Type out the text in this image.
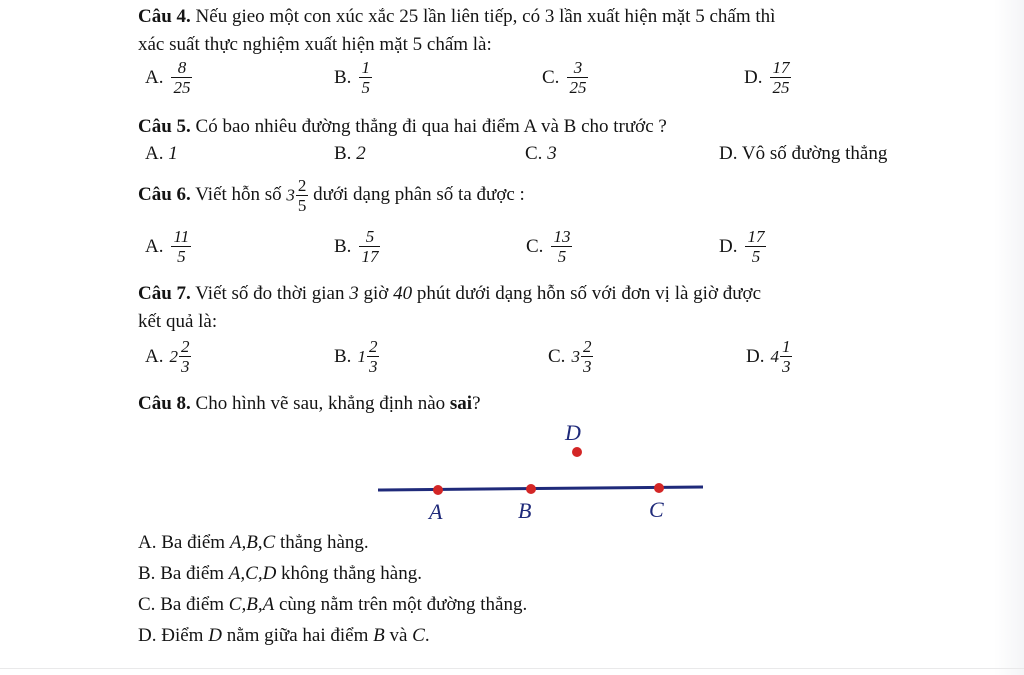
Câu 4. Nếu gieo một con xúc xắc 25 lần liên tiếp, có 3 lần xuất hiện mặt 5 chấm thì
xác suất thực nghiệm xuất hiện mặt 5 chấm là:
A. $\frac{8}{25}$	B. $\frac{1}{5}$	C. $\frac{3}{25}$	D. $\frac{17}{25}$
Câu 5. Có bao nhiêu đường thẳng đi qua hai điểm A và B cho trước ?
A. 1	B. 2	C. 3	D. Vô số đường thẳng
Câu 6. Viết hỗn số $3 \frac{2}{5}$ dưới dạng phân số ta được :
A. $\frac{11}{5}$	B. $\frac{5}{17}$	C. $\frac{13}{5}$	D. $\frac{17}{5}$
Câu 7. Viết số đo thời gian 3 giờ 40 phút dưới dạng hỗn số với đơn vị là giờ được
kết quả là:
A. $2 \frac{2}{3}$	B. $1 \frac{2}{3}$	C. $3 \frac{2}{3}$	D. $4 \frac{1}{3}$
Câu 8. Cho hình vẽ sau, khẳng định nào sai?
D
A	B	C
A. Ba điểm A,B,C thẳng hàng.
B. Ba điểm A,C,D không thẳng hàng.
C. Ba điểm C,B,A cùng nằm trên một đường thẳng.
D. Điểm D nằm giữa hai điểm B và C.
